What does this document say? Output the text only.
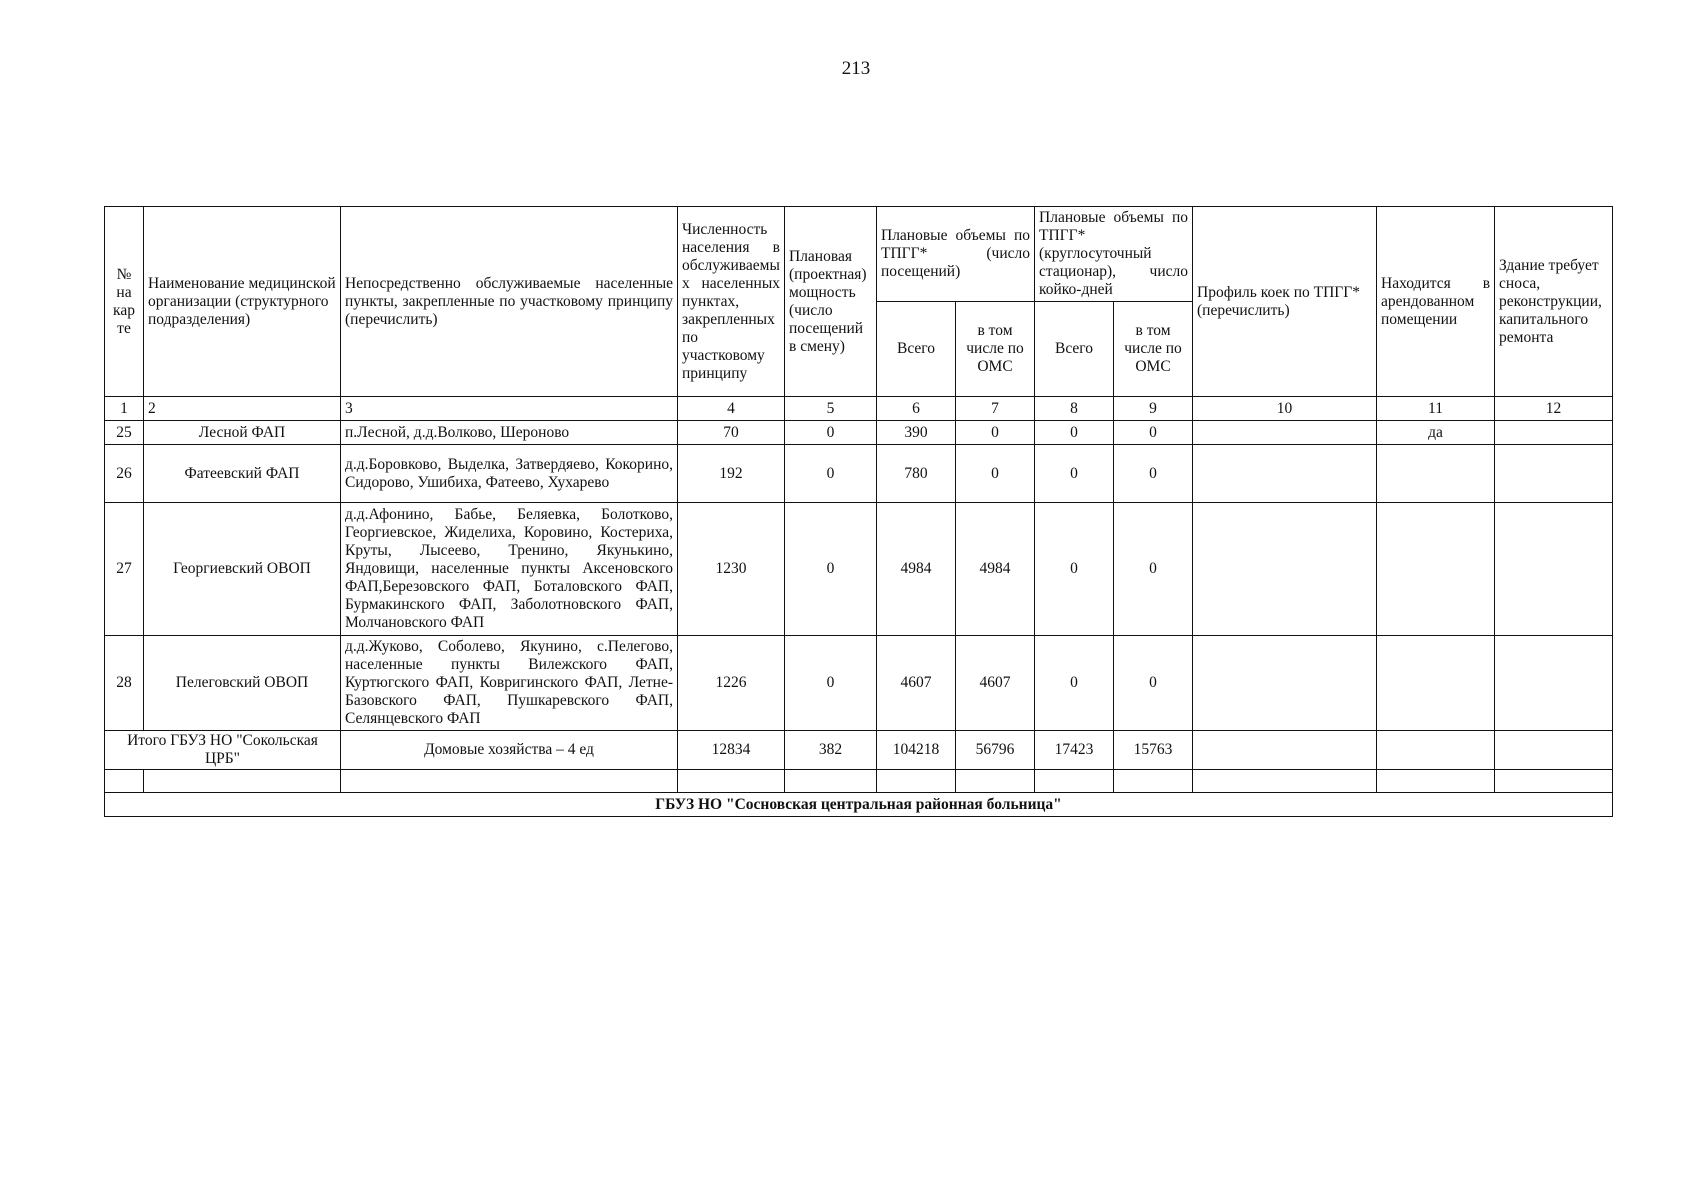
213
№
на
кар
те	Наименование медицинской организации (структурного подразделения)	Непосредственно обслуживаемые населенные пункты, закрепленные по участковому принципу (перечислить)	Численность населения в обслуживаемых населенных пунктах, закрепленных по участковому принципу	Плановая (проектная) мощность (число посещений в смену)	Плановые объемы по ТПГГ* (число посещений)		Плановые объемы по ТПГГ* (круглосуточный стационар), число койко-дней		Профиль коек по ТПГГ* (перечислить)	Находится в арендованном помещении	Здание требует сноса, реконструкции, капитального ремонта
					Всего	в том числе по ОМС	Всего	в том числе по ОМС			
1	2	3	4	5	6	7	8	9	10	11	12
25	Лесной ФАП	п.Лесной, д.д.Волково, Шероново	70	0	390	0	0	0		да	
26	Фатеевский ФАП	д.д.Боровково, Выделка, Затвердяево, Кокорино, Сидорово, Ушибиха, Фатеево, Хухарево	192	0	780	0	0	0			
27	Георгиевский ОВОП	д.д.Афонино, Бабье, Беляевка, Болотково, Георгиевское, Жиделиха, Коровино, Костериха, Круты, Лысеево, Тренино, Якунькино, Яндовищи, населенные пункты Аксеновского ФАП,Березовского ФАП, Боталовского ФАП, Бурмакинского ФАП, Заболотновского ФАП, Молчановского ФАП	1230	0	4984	4984	0	0			
28	Пелеговский ОВОП	д.д.Жуково, Соболево, Якунино, с.Пелегово, населенные пункты Вилежского ФАП, Куртюгского ФАП, Ковригинского ФАП, Летне-Базовского ФАП, Пушкаревского ФАП, Селянцевского ФАП	1226	0	4607	4607	0	0			
Итого ГБУЗ НО "Сокольская ЦРБ"		Домовые хозяйства – 4 ед	12834	382	104218	56796	17423	15763			

ГБУЗ НО "Сосновская центральная районная больница"											
